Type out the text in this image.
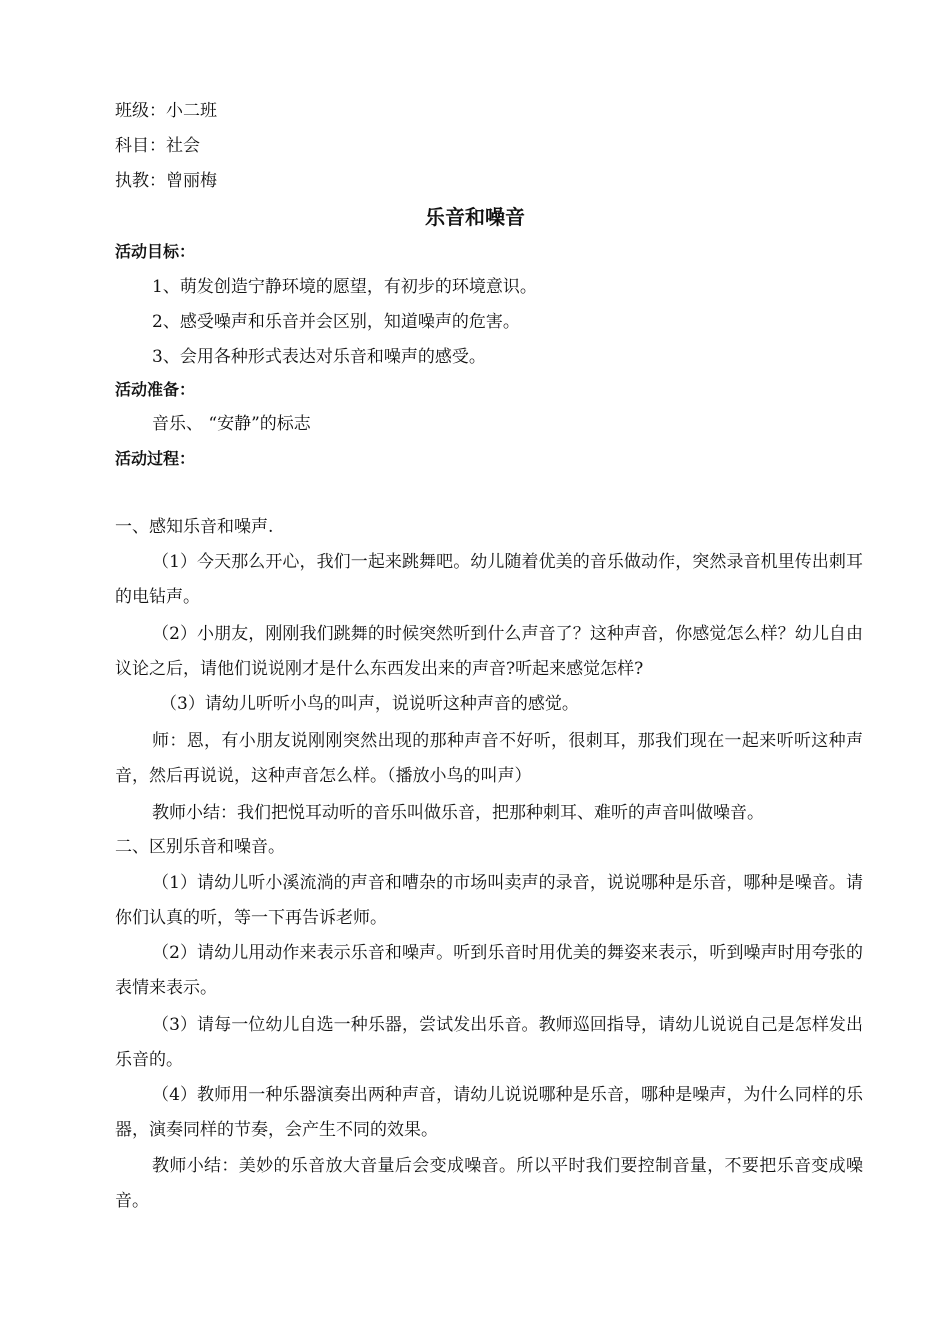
班级：小二班
科目：社会
执教：曾丽梅
乐音和噪音
活动目标：
1、萌发创造宁静环境的愿望，有初步的环境意识。
2、感受噪声和乐音并会区别，知道噪声的危害。
3、会用各种形式表达对乐音和噪声的感受。
活动准备：
音乐、 “安静”的标志
活动过程：
一、感知乐音和噪声.
（1）今天那么开心，我们一起来跳舞吧。幼儿随着优美的音乐做动作，突然录音机里传出刺耳的电钻声。
（2）小朋友，刚刚我们跳舞的时候突然听到什么声音了？这种声音，你感觉怎么样？幼儿自由议论之后，请他们说说刚才是什么东西发出来的声音?听起来感觉怎样?
（3）请幼儿听听小鸟的叫声，说说听这种声音的感觉。
师：恩，有小朋友说刚刚突然出现的那种声音不好听，很刺耳，那我们现在一起来听听这种声音，然后再说说，这种声音怎么样。（播放小鸟的叫声）
教师小结：我们把悦耳动听的音乐叫做乐音，把那种刺耳、难听的声音叫做噪音。
二、区别乐音和噪音。
（1）请幼儿听小溪流淌的声音和嘈杂的市场叫卖声的录音，说说哪种是乐音，哪种是噪音。请你们认真的听，等一下再告诉老师。
（2）请幼儿用动作来表示乐音和噪声。听到乐音时用优美的舞姿来表示，听到噪声时用夸张的表情来表示。
（3）请每一位幼儿自选一种乐器，尝试发出乐音。教师巡回指导，请幼儿说说自己是怎样发出乐音的。
（4）教师用一种乐器演奏出两种声音，请幼儿说说哪种是乐音，哪种是噪声，为什么同样的乐器，演奏同样的节奏，会产生不同的效果。
教师小结：美妙的乐音放大音量后会变成噪音。所以平时我们要控制音量，不要把乐音变成噪音。
